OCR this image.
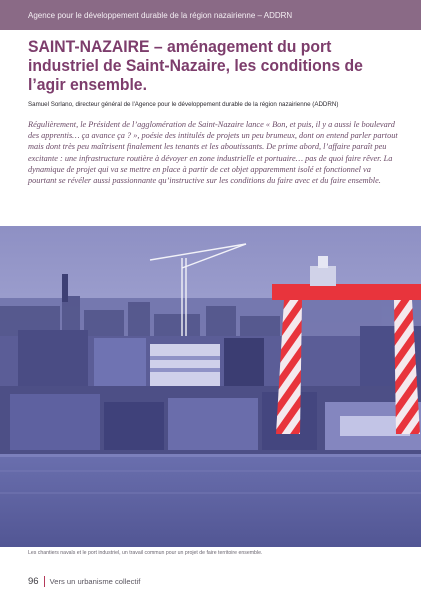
Agence pour le développement durable de la région nazairienne – ADDRN
SAINT-NAZAIRE – aménagement du port industriel de Saint-Nazaire, les conditions de l’agir ensemble.

Samuel Sorlano, directeur général de l'Agence pour le développement durable de la région nazairienne (ADDRN)

Régulièrement, le Président de l’agglomération de Saint-Nazaire lance « Bon, et puis, il y a aussi le boulevard des apprentis… ça avance ça ? », poésie des intitulés de projets un peu brumeux, dont on entend parler partout mais dont très peu maîtrisent finalement les tenants et les aboutissants. De prime abord, l’affaire paraît peu excitante : une infrastructure routière à dévoyer en zone industrielle et portuaire… pas de quoi faire rêver. La dynamique de projet qui va se mettre en place à partir de cet objet apparemment isolé et fonctionnel va pourtant se révéler aussi passionnante qu’instructive sur les conditions du faire avec et du faire ensemble.

Les chantiers navals et le port industriel, un travail commun pour un projet de faire territoire ensemble.

96 Vers un urbanisme collectif
